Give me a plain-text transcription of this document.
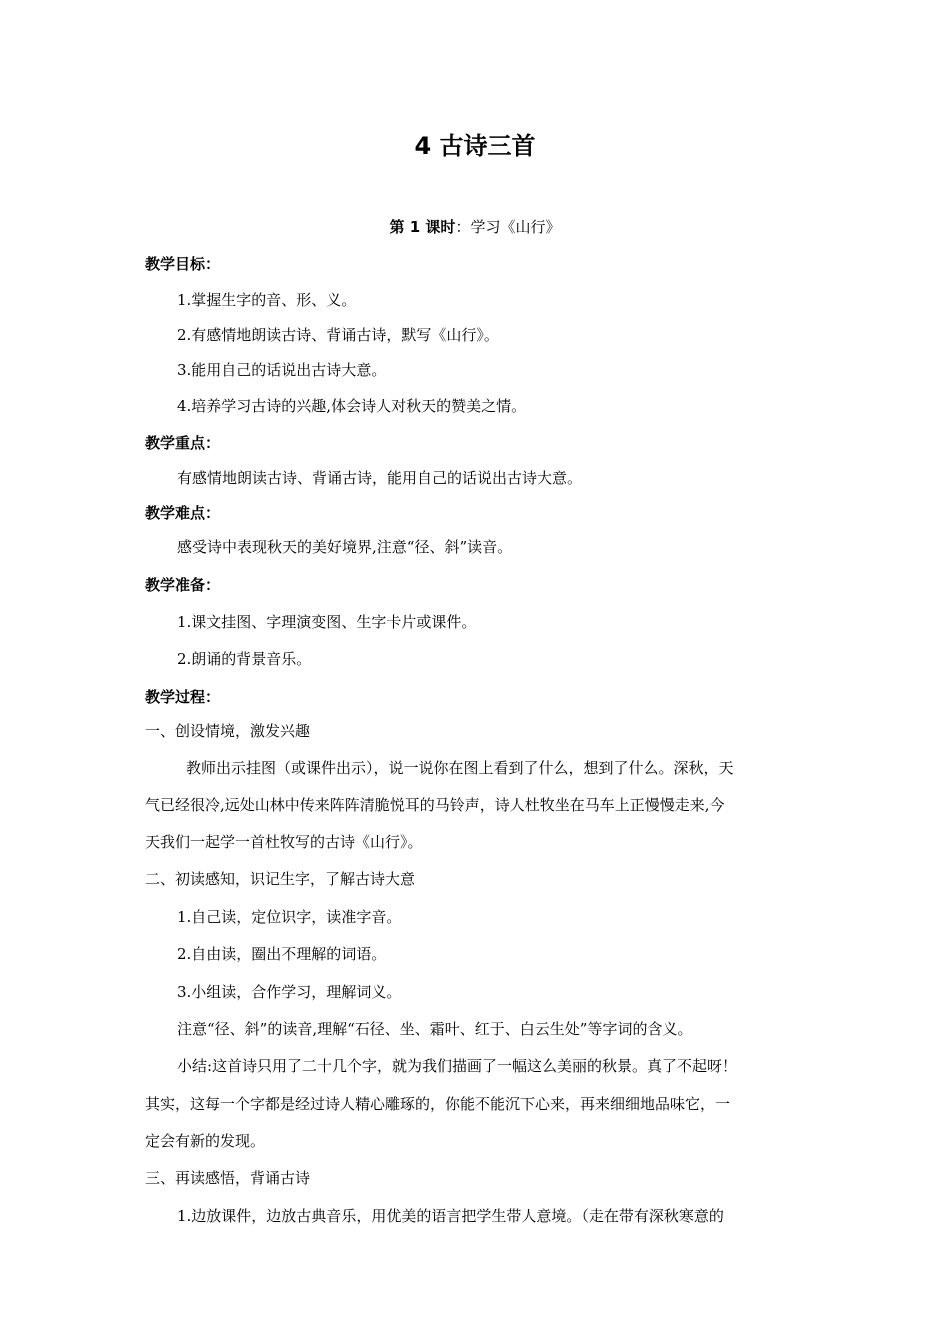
4 古诗三首
第 1 课时：学习《山行》
教学目标：
1.掌握生字的音、形、义。
2.有感情地朗读古诗、背诵古诗，默写《山行》。
3.能用自己的话说出古诗大意。
4.培养学习古诗的兴趣,体会诗人对秋天的赞美之情。
教学重点：
有感情地朗读古诗、背诵古诗，能用自己的话说出古诗大意。
教学难点：
感受诗中表现秋天的美好境界,注意“径、斜”读音。
教学准备：
1.课文挂图、字理演变图、生字卡片或课件。
2.朗诵的背景音乐。
教学过程：
一、创设情境，激发兴趣
教师出示挂图（或课件出示），说一说你在图上看到了什么，想到了什么。深秋，天
气已经很冷,远处山林中传来阵阵清脆悦耳的马铃声，诗人杜牧坐在马车上正慢慢走来,今
天我们一起学一首杜牧写的古诗《山行》。
二、初读感知，识记生字，了解古诗大意
1.自己读，定位识字，读准字音。
2.自由读，圈出不理解的词语。
3.小组读，合作学习，理解词义。
注意“径、斜”的读音,理解“石径、坐、霜叶、红于、白云生处”等字词的含义。
小结:这首诗只用了二十几个字，就为我们描画了一幅这么美丽的秋景。真了不起呀！
其实，这每一个字都是经过诗人精心雕琢的，你能不能沉下心来，再来细细地品味它，一
定会有新的发现。
三、再读感悟，背诵古诗
1.边放课件，边放古典音乐，用优美的语言把学生带人意境。（走在带有深秋寒意的
